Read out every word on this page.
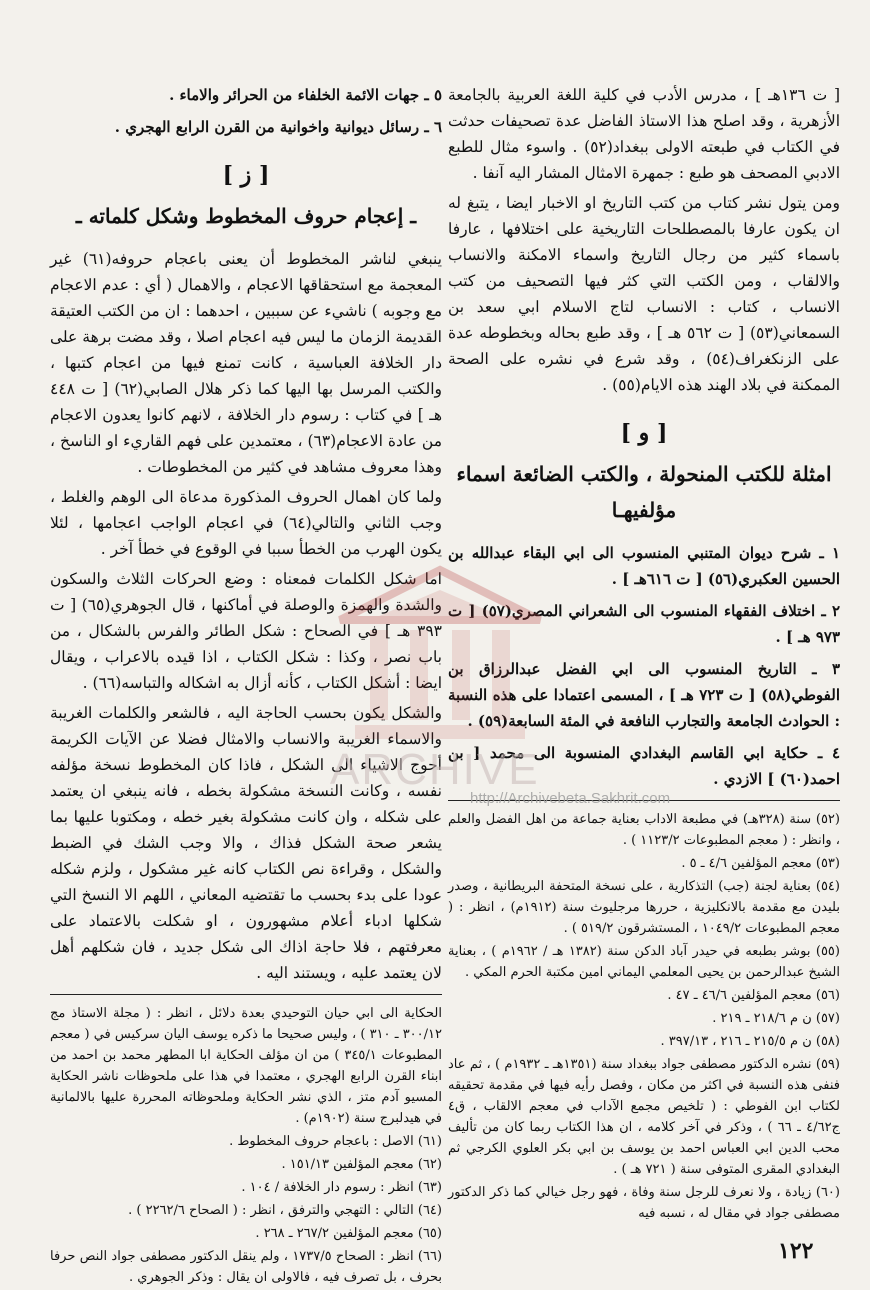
[ ت ١٣٦هـ ] ، مدرس الأدب في كلية اللغة العربية بالجامعة الأزهرية ، وقد اصلح هذا الاستاذ الفاضل عدة تصحيفات حدثت في الكتاب في طبعته الاولى ببغداد(٥٢) . واسوء مثال للطبع الادبي المصحف هو طبع : جمهرة الامثال المشار اليه آنفا .

ومن يتول نشر كتاب من كتب التاريخ او الاخبار ايضا ، يتبغ له ان يكون عارفا بالمصطلحات التاريخية على اختلافها ، عارفا باسماء كثير من رجال التاريخ واسماء الامكنة والانساب والالقاب ، ومن الكتب التي كثر فيها التصحيف من كتب الانساب ، كتاب : الانساب لتاج الاسلام ابي سعد بن السمعاني(٥٣) [ ت ٥٦٢ هـ ] ، وقد طبع بحاله وبخطوطه عدة على الزنكغراف(٥٤) ، وقد شرع في نشره على الصحة الممكنة في بلاد الهند هذه الايام(٥٥) .

[ و ]
امثلة للكتب المنحولة ، والكتب الضائعة اسماء مؤلفيهـا
١ ـ شرح ديوان المتنبي المنسوب الى ابي البقاء عبدالله بن الحسين العكبري(٥٦) [ ت ٦١٦هـ ] .
٢ ـ اختلاف الفقهاء المنسوب الى الشعراني المصري(٥٧) [ ت ٩٧٣ هـ ] .
٣ ـ التاريخ المنسوب الى ابي الفضل عبدالرزاق بن الفوطي(٥٨) [ ت ٧٢٣ هـ ] ، المسمى اعتمادا على هذه النسبة : الحوادث الجامعة والتجارب النافعة في المئة السابعة(٥٩) .
٤ ـ حكاية ابي القاسم البغدادي المنسوبة الى محمد [ بن احمد(٦٠) ] الازدي .

(٥٢) سنة (٣٢٨هـ) في مطبعة الاداب بعناية جماعة من اهل الفضل والعلم ، وانظر : ( معجم المطبوعات ١١٢٣/٢ ) .

(٥٣) معجم المؤلفين ٤/٦ ـ ٥ .

(٥٤) بعناية لجنة (جب) التذكارية ، على نسخة المتحفة البريطانية ، وصدر بليدن مع مقدمة بالانكليزية ، حررها مرجليوث سنة (١٩١٢م) ، انظر : ( معجم المطبوعات ١٠٤٩/٢ ، المستشرقون ٥١٩/٢ ) .

(٥٥) بوشر بطبعه في حيدر آباد الدكن سنة (١٣٨٢ هـ / ١٩٦٢م ) ، بعناية الشيخ عبدالرحمن بن يحيى المعلمي اليماني امين مكتبة الحرم المكي .

(٥٦) معجم المؤلفين ٤٦/٦ ـ ٤٧ .

(٥٧) ن م ٢١٨/٦ ـ ٢١٩ .

(٥٨) ن م ٢١٥/٥ ـ ٢١٦ ، ٣٩٧/١٣ .

(٥٩) نشره الدكتور مصطفى جواد ببغداد سنة (١٣٥١هـ ـ ١٩٣٢م ) ، ثم عاد فنفى هذه النسبة في اكثر من مكان ، وفصل رأيه فيها في مقدمة تحقيقه لكتاب ابن الفوطي : ( تلخيص مجمع الآداب في معجم الالقاب ، ق٤ ج٤/٦٢ ـ ٦٦ ) ، وذكر في آخر كلامه ، ان هذا الكتاب ربما كان من تأليف محب الدين ابي العباس احمد بن يوسف بن ابي بكر العلوي الكرجي ثم البغدادي المقرى المتوفى سنة ( ٧٢١ هـ ) .

(٦٠) زيادة ، ولا نعرف للرجل سنة وفاة ، فهو رجل خيالي كما ذكر الدكتور مصطفى جواد في مقال له ، نسبه فيه

٥ ـ جهات الائمة الخلفاء من الحرائر والاماء .
٦ ـ رسائل ديوانية واخوانية من القرن الرابع الهجري .
[ ز ]
ـ إعجام حروف المخطوط وشكل كلماته ـ

ينبغي لناشر المخطوط أن يعنى باعجام حروفه(٦١) غير المعجمة مع استحقاقها الاعجام ، والاهمال ( أي : عدم الاعجام مع وجوبه ) ناشيء عن سببين ، احدهما : ان من الكتب العتيقة القديمة الزمان ما ليس فيه اعجام اصلا ، وقد مضت برهة على دار الخلافة العباسية ، كانت تمنع فيها من اعجام كتبها ، والكتب المرسل بها اليها كما ذكر هلال الصابي(٦٢) [ ت ٤٤٨ هـ ] في كتاب : رسوم دار الخلافة ، لانهم كانوا يعدون الاعجام من عادة الاعجام(٦٣) ، معتمدين على فهم القاريء او الناسخ ، وهذا معروف مشاهد في كثير من المخطوطات .

ولما كان اهمال الحروف المذكورة مدعاة الى الوهم والغلط ، وجب الثاني والتالي(٦٤) في اعجام الواجب اعجامها ، لئلا يكون الهرب من الخطأ سببا في الوقوع في خطأ آخر .

اما شكل الكلمات فمعناه : وضع الحركات الثلاث والسكون والشدة والهمزة والوصلة في أماكنها ، قال الجوهري(٦٥) [ ت ٣٩٣ هـ ] في الصحاح : شكل الطائر والفرس بالشكال ، من باب نصر ، وكذا : شكل الكتاب ، اذا قيده بالاعراب ، ويقال ايضا : أشكل الكتاب ، كأنه أزال به اشكاله والتباسه(٦٦) .

والشكل يكون بحسب الحاجة اليه ، فالشعر والكلمات الغريبة والاسماء الغريبة والانساب والامثال فضلا عن الآيات الكريمة أحوج الاشياء الى الشكل ، فاذا كان المخطوط نسخة مؤلفه نفسه ، وكانت النسخة مشكولة بخطه ، فانه ينبغي ان يعتمد على شكله ، وان كانت مشكولة بغير خطه ، ومكتوبا عليها بما يشعر صحة الشكل فذاك ، والا وجب الشك في الضبط والشكل ، وقراءة نص الكتاب كانه غير مشكول ، ولزم شكله عودا على بدء بحسب ما تقتضيه المعاني ، اللهم الا النسخ التي شكلها ادباء أعلام مشهورون ، او شكلت بالاعتماد على معرفتهم ، فلا حاجة اذاك الى شكل جديد ، فان شكلهم أهل لان يعتمد عليه ، ويستند اليه .

الحكاية الى ابي حيان التوحيدي بعدة دلائل ، انظر : ( مجلة الاستاذ مج ٣٠٠/١٢ ـ ٣١٠ ) ، وليس صحيحا ما ذكره يوسف اليان سركيس في ( معجم المطبوعات ٣٤٥/١ ) من ان مؤلف الحكاية ابا المطهر محمد بن احمد من ابناء القرن الرابع الهجري ، معتمدا في هذا على ملحوظات ناشر الحكاية المسيو آدم متز ، الذي نشر الحكاية وملحوظاته المحررة عليها بالالمانية في هيدلبرج سنة (١٩٠٢م) .

(٦١) الاصل : باعجام حروف المخطوط .

(٦٢) معجم المؤلفين ١٥١/١٣ .

(٦٣) انظر : رسوم دار الخلافة / ١٠٤ .

(٦٤) التالي : التهجي والترفق ، انظر : ( الصحاح ٢٢٦٢/٦ ) .

(٦٥) معجم المؤلفين ٢٦٧/٢ ـ ٢٦٨ .

(٦٦) انظر : الصحاح ١٧٣٧/٥ ، ولم ينقل الدكتور مصطفى جواد النص حرفا بحرف ، بل تصرف فيه ، فالاولى ان يقال : وذكر الجوهري .

ARCHIVE
http://Archivebeta.Sakhrit.com
١٢٢
